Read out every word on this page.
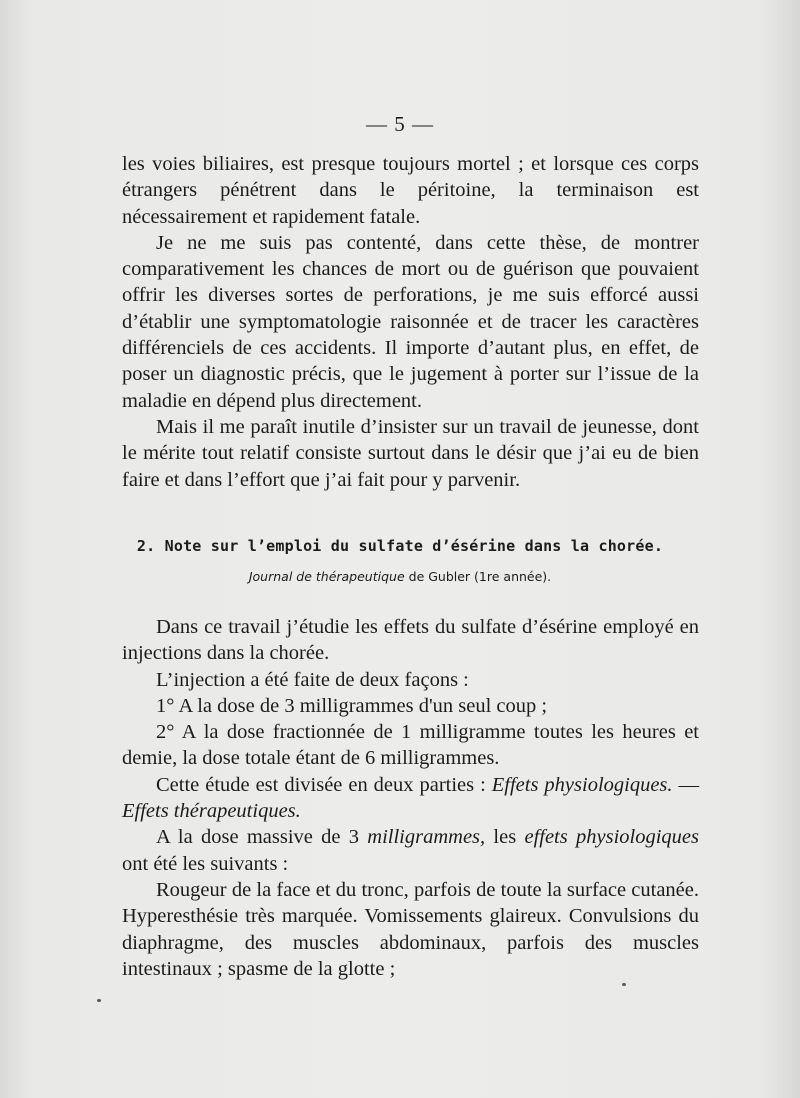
— 5 —

les voies biliaires, est presque toujours mortel ; et lorsque ces corps étrangers pénétrent dans le péritoine, la terminaison est nécessairement et rapidement fatale.

Je ne me suis pas contenté, dans cette thèse, de montrer comparativement les chances de mort ou de guérison que pouvaient offrir les diverses sortes de perforations, je me suis efforcé aussi d’établir une symptomatologie raisonnée et de tracer les caractères différenciels de ces accidents. Il importe d’autant plus, en effet, de poser un diagnostic précis, que le jugement à porter sur l’issue de la maladie en dépend plus directement.

Mais il me paraît inutile d’insister sur un travail de jeunesse, dont le mérite tout relatif consiste surtout dans le désir que j’ai eu de bien faire et dans l’effort que j’ai fait pour y parvenir.

2. Note sur l’emploi du sulfate d’ésérine dans la chorée.
Journal de thérapeutique de Gubler (1re année).

Dans ce travail j’étudie les effets du sulfate d’ésérine employé en injections dans la chorée.

L’injection a été faite de deux façons :

1° A la dose de 3 milligrammes d'un seul coup ;

2° A la dose fractionnée de 1 milligramme toutes les heures et demie, la dose totale étant de 6 milligrammes.

Cette étude est divisée en deux parties : Effets physiologiques. — Effets thérapeutiques.

A la dose massive de 3 milligrammes, les effets physiologiques ont été les suivants :

Rougeur de la face et du tronc, parfois de toute la surface cutanée. Hyperesthésie très marquée. Vomissements glaireux. Convulsions du diaphragme, des muscles abdominaux, parfois des muscles intestinaux ; spasme de la glotte ;
